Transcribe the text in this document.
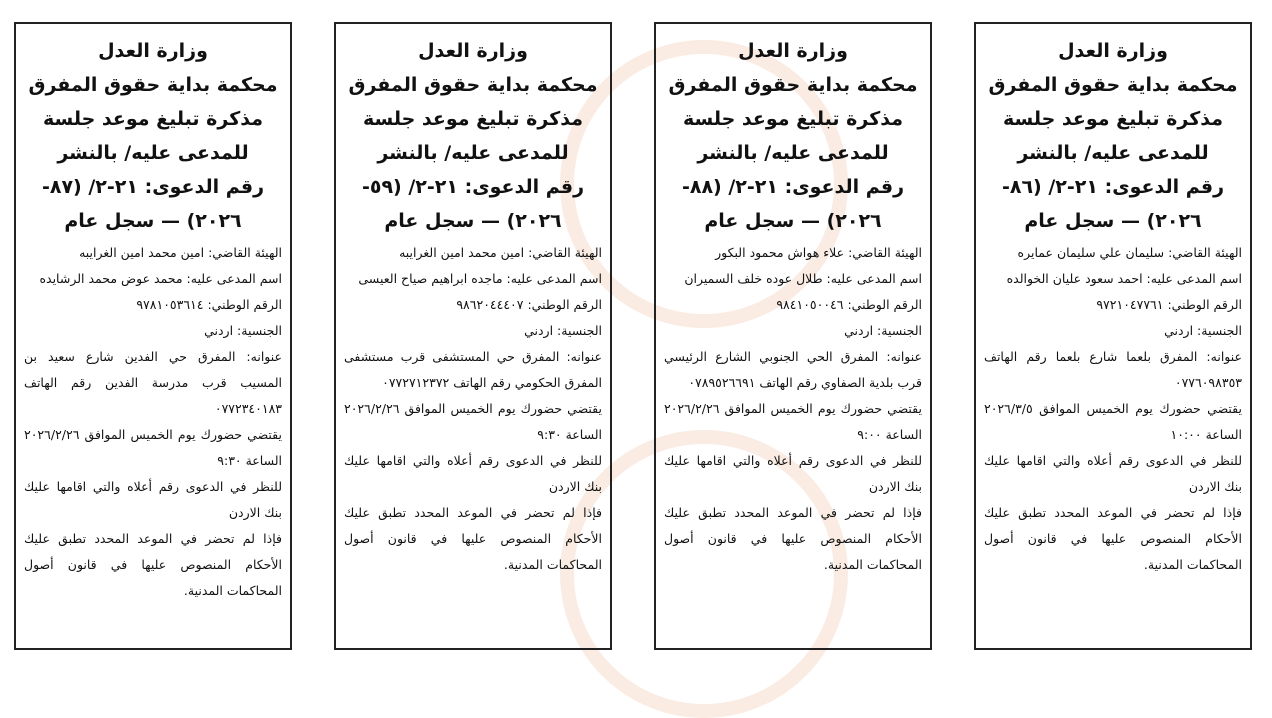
وزارة العدل
محكمة بداية حقوق المفرق
مذكرة تبليغ موعد جلسة
للمدعى عليه/ بالنشر
رقم الدعوى: ٢١-٢/ (٨٧-
٢٠٢٦) — سجل عام

الهيئة القاضي: امين محمد امين الغرايبه

اسم المدعى عليه: محمد عوض محمد الرشايده

الرقم الوطني: ٩٧٨١٠٥٣٦١٤

الجنسية: اردني

عنوانه: المفرق حي الفدين شارع سعيد بن المسيب قرب مدرسة الفدين رقم الهاتف ٠٧٧٢٣٤٠١٨٣

يقتضي حضورك يوم الخميس الموافق ٢٠٢٦/٢/٢٦ الساعة ٩:٣٠

للنظر في الدعوى رقم أعلاه والتي اقامها عليك بنك الاردن

فإذا لم تحضر في الموعد المحدد تطبق عليك الأحكام المنصوص عليها في قانون أصول المحاكمات المدنية.

وزارة العدل
محكمة بداية حقوق المفرق
مذكرة تبليغ موعد جلسة
للمدعى عليه/ بالنشر
رقم الدعوى: ٢١-٢/ (٥٩-
٢٠٢٦) — سجل عام

الهيئة القاضي: امين محمد امين الغرايبه

اسم المدعى عليه: ماجده ابراهيم صياح العيسى

الرقم الوطني: ٩٨٦٢٠٤٤٤٠٧

الجنسية: اردني

عنوانه: المفرق حي المستشفى قرب مستشفى المفرق الحكومي رقم الهاتف ٠٧٧٢٧١٢٣٧٢

يقتضي حضورك يوم الخميس الموافق ٢٠٢٦/٢/٢٦ الساعة ٩:٣٠

للنظر في الدعوى رقم أعلاه والتي اقامها عليك بنك الاردن

فإذا لم تحضر في الموعد المحدد تطبق عليك الأحكام المنصوص عليها في قانون أصول المحاكمات المدنية.

وزارة العدل
محكمة بداية حقوق المفرق
مذكرة تبليغ موعد جلسة
للمدعى عليه/ بالنشر
رقم الدعوى: ٢١-٢/ (٨٨-
٢٠٢٦) — سجل عام

الهيئة القاضي: علاء هواش محمود البكور

اسم المدعى عليه: طلال عوده خلف السميران

الرقم الوطني: ٩٨٤١٠٥٠٠٤٦

الجنسية: اردني

عنوانه: المفرق الحي الجنوبي الشارع الرئيسي قرب بلدية الصفاوي رقم الهاتف ٠٧٨٩٥٢٦٦٩١

يقتضي حضورك يوم الخميس الموافق ٢٠٢٦/٢/٢٦ الساعة ٩:٠٠

للنظر في الدعوى رقم أعلاه والتي اقامها عليك بنك الاردن

فإذا لم تحضر في الموعد المحدد تطبق عليك الأحكام المنصوص عليها في قانون أصول المحاكمات المدنية.

وزارة العدل
محكمة بداية حقوق المفرق
مذكرة تبليغ موعد جلسة
للمدعى عليه/ بالنشر
رقم الدعوى: ٢١-٢/ (٨٦-
٢٠٢٦) — سجل عام

الهيئة القاضي: سليمان علي سليمان عمايره

اسم المدعى عليه: احمد سعود عليان الخوالده

الرقم الوطني: ٩٧٢١٠٤٧٧٦١

الجنسية: اردني

عنوانه: المفرق بلعما شارع بلعما رقم الهاتف ٠٧٧٦٠٩٨٣٥٣

يقتضي حضورك يوم الخميس الموافق ٢٠٢٦/٣/٥ الساعة ١٠:٠٠

للنظر في الدعوى رقم أعلاه والتي اقامها عليك بنك الاردن

فإذا لم تحضر في الموعد المحدد تطبق عليك الأحكام المنصوص عليها في قانون أصول المحاكمات المدنية.
